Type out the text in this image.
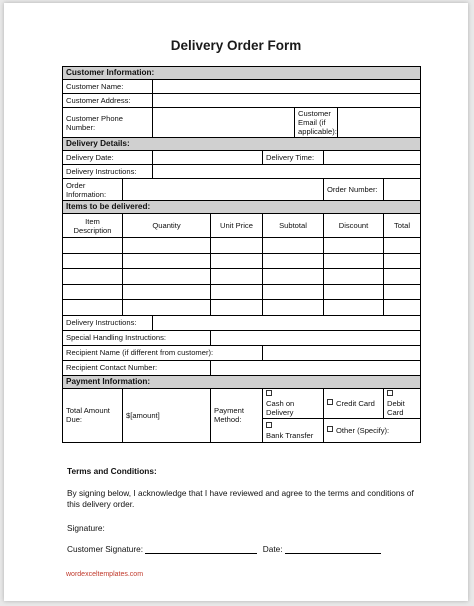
Delivery Order Form
Customer Information:								
Customer Name:								
Customer Address:								
Customer Phone Number:					Customer Email (if applicable):			
Delivery Details:								
Delivery Date:				Delivery Time:				
Delivery Instructions:								
Order Information:						Order Number:		
Items to be delivered:								
Item Description	Quantity		Unit Price	Subtotal		Discount		Total

Delivery Instructions:								
Special Handling Instructions:								
Recipient Name (if different from customer):								
Recipient Contact Number:								
Payment Information:								
Total Amount Due:	$[amount]		Payment Method:	Cash on Delivery		Credit Card		Debit Card

				Bank Transfer		Other (Specify):		
Terms and Conditions:
By signing below, I acknowledge that I have reviewed and agree to the terms and conditions of this delivery order.
Signature:
Customer Signature:	Date:
wordexceltemplates.com
